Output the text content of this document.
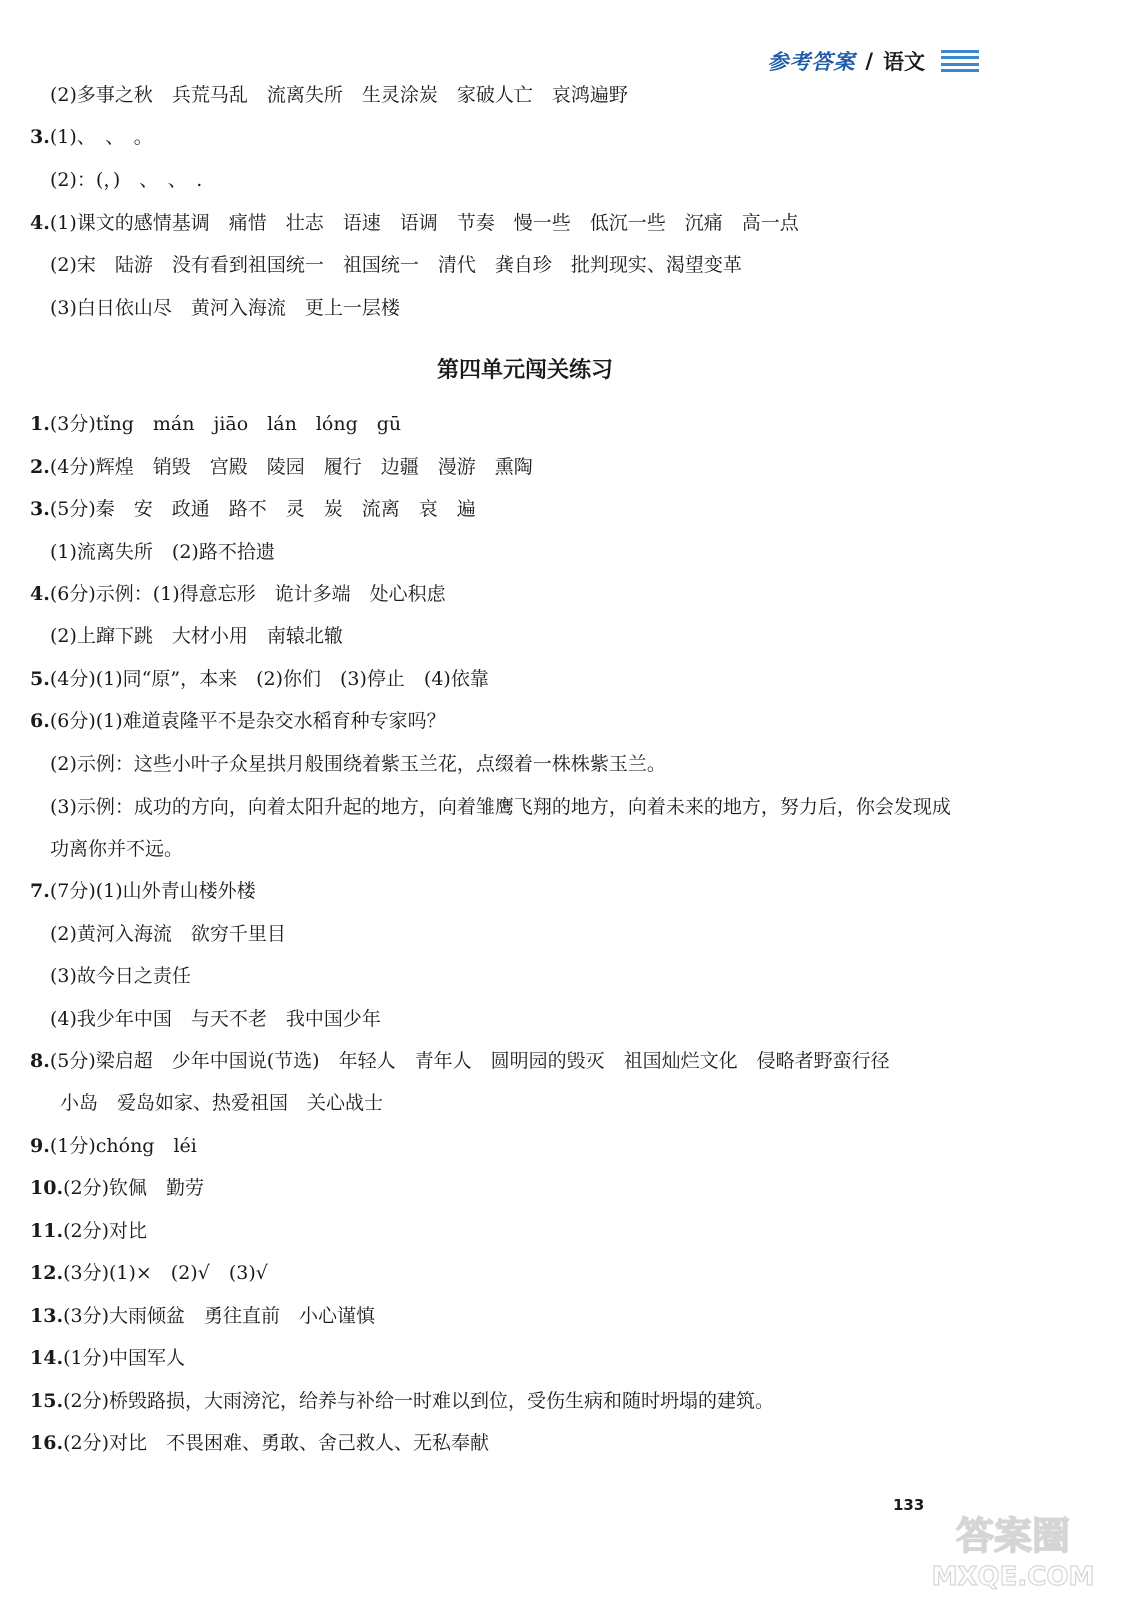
参考答案 / 语文
(2)多事之秋　兵荒马乱　流离失所　生灵涂炭　家破人亡　哀鸿遍野
3.(1)、　、　。
(2)：(，)　、　、　.
4.(1)课文的感情基调　痛惜　壮志　语速　语调　节奏　慢一些　低沉一些　沉痛　高一点
(2)宋　陆游　没有看到祖国统一　祖国统一　清代　龚自珍　批判现实、渴望变革
(3)白日依山尽　黄河入海流　更上一层楼
第四单元闯关练习
1.(3分)tǐng　mán　jiāo　lán　lóng　gū
2.(4分)辉煌　销毁　宫殿　陵园　履行　边疆　漫游　熏陶
3.(5分)秦　安　政通　路不　灵　炭　流离　哀　遍
(1)流离失所　(2)路不拾遗
4.(6分)示例：(1)得意忘形　诡计多端　处心积虑
(2)上蹿下跳　大材小用　南辕北辙
5.(4分)(1)同“原”，本来　(2)你们　(3)停止　(4)依靠
6.(6分)(1)难道袁隆平不是杂交水稻育种专家吗？
(2)示例：这些小叶子众星拱月般围绕着紫玉兰花，点缀着一株株紫玉兰。
(3)示例：成功的方向，向着太阳升起的地方，向着雏鹰飞翔的地方，向着未来的地方，努力后，你会发现成
功离你并不远。
7.(7分)(1)山外青山楼外楼
(2)黄河入海流　欲穷千里目
(3)故今日之责任
(4)我少年中国　与天不老　我中国少年
8.(5分)梁启超　少年中国说(节选)　年轻人　青年人　圆明园的毁灭　祖国灿烂文化　侵略者野蛮行径
小岛　爱岛如家、热爱祖国　关心战士
9.(1分)chóng　léi
10.(2分)钦佩　勤劳
11.(2分)对比
12.(3分)(1)×　(2)√　(3)√
13.(3分)大雨倾盆　勇往直前　小心谨慎
14.(1分)中国军人
15.(2分)桥毁路损，大雨滂沱，给养与补给一时难以到位，受伤生病和随时坍塌的建筑。
16.(2分)对比　不畏困难、勇敢、舍己救人、无私奉献
133
答案圈
MXQE.COM
